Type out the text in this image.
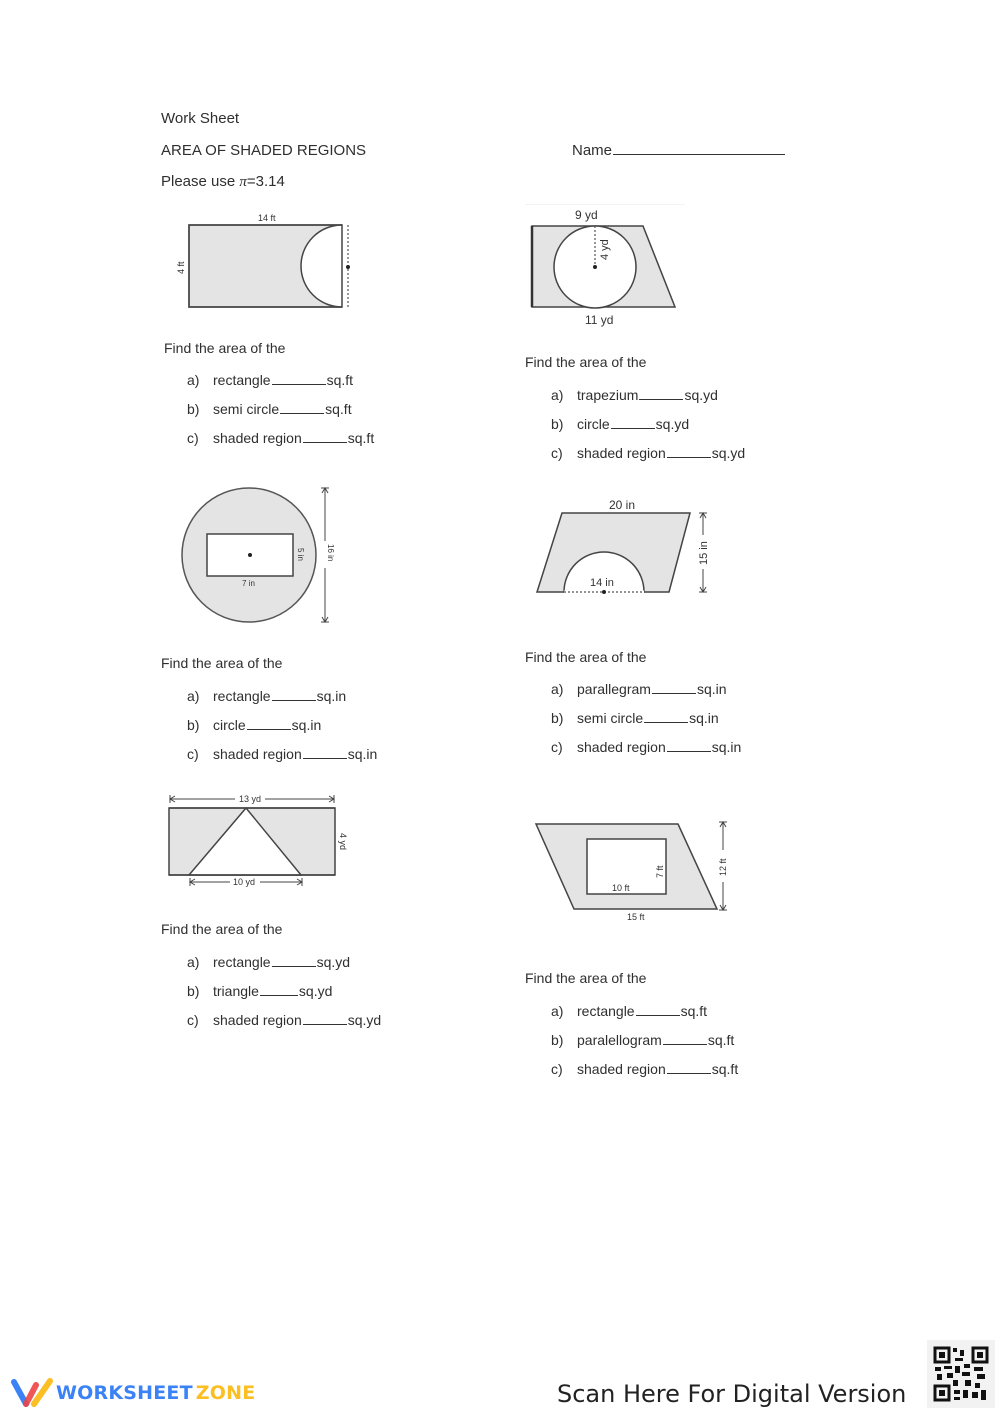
Work Sheet
AREA OF SHADED REGIONS
Please use π=3.14
Name
14 ft
4 ft
9 yd
4 yd
11 yd
Find the area of the
a) rectangle	sq.ft
b) semi circle	sq.ft
c) shaded region	sq.ft
Find the area of the
a) trapezium	sq.yd
b) circle	sq.yd
c) shaded region	sq.yd
7 in
5 in	16 in
20 in
14 in
15 in
Find the area of the
a) rectangle	sq.in
b) circle	sq.in
c) shaded region	sq.in
Find the area of the
a) parallegram	sq.in
b) semi circle	sq.in
c) shaded region	sq.in
13 yd
10 yd
4 yd
10 ft
7 ft
15 ft
12 ft
Find the area of the
a) rectangle	sq.yd
b) triangle	sq.yd
c) shaded region	sq.yd
Find the area of the
a) rectangle	sq.ft
b) paralellogram	sq.ft
c) shaded region	sq.ft
WORKSHEET ZONE	Scan Here For Digital Version
